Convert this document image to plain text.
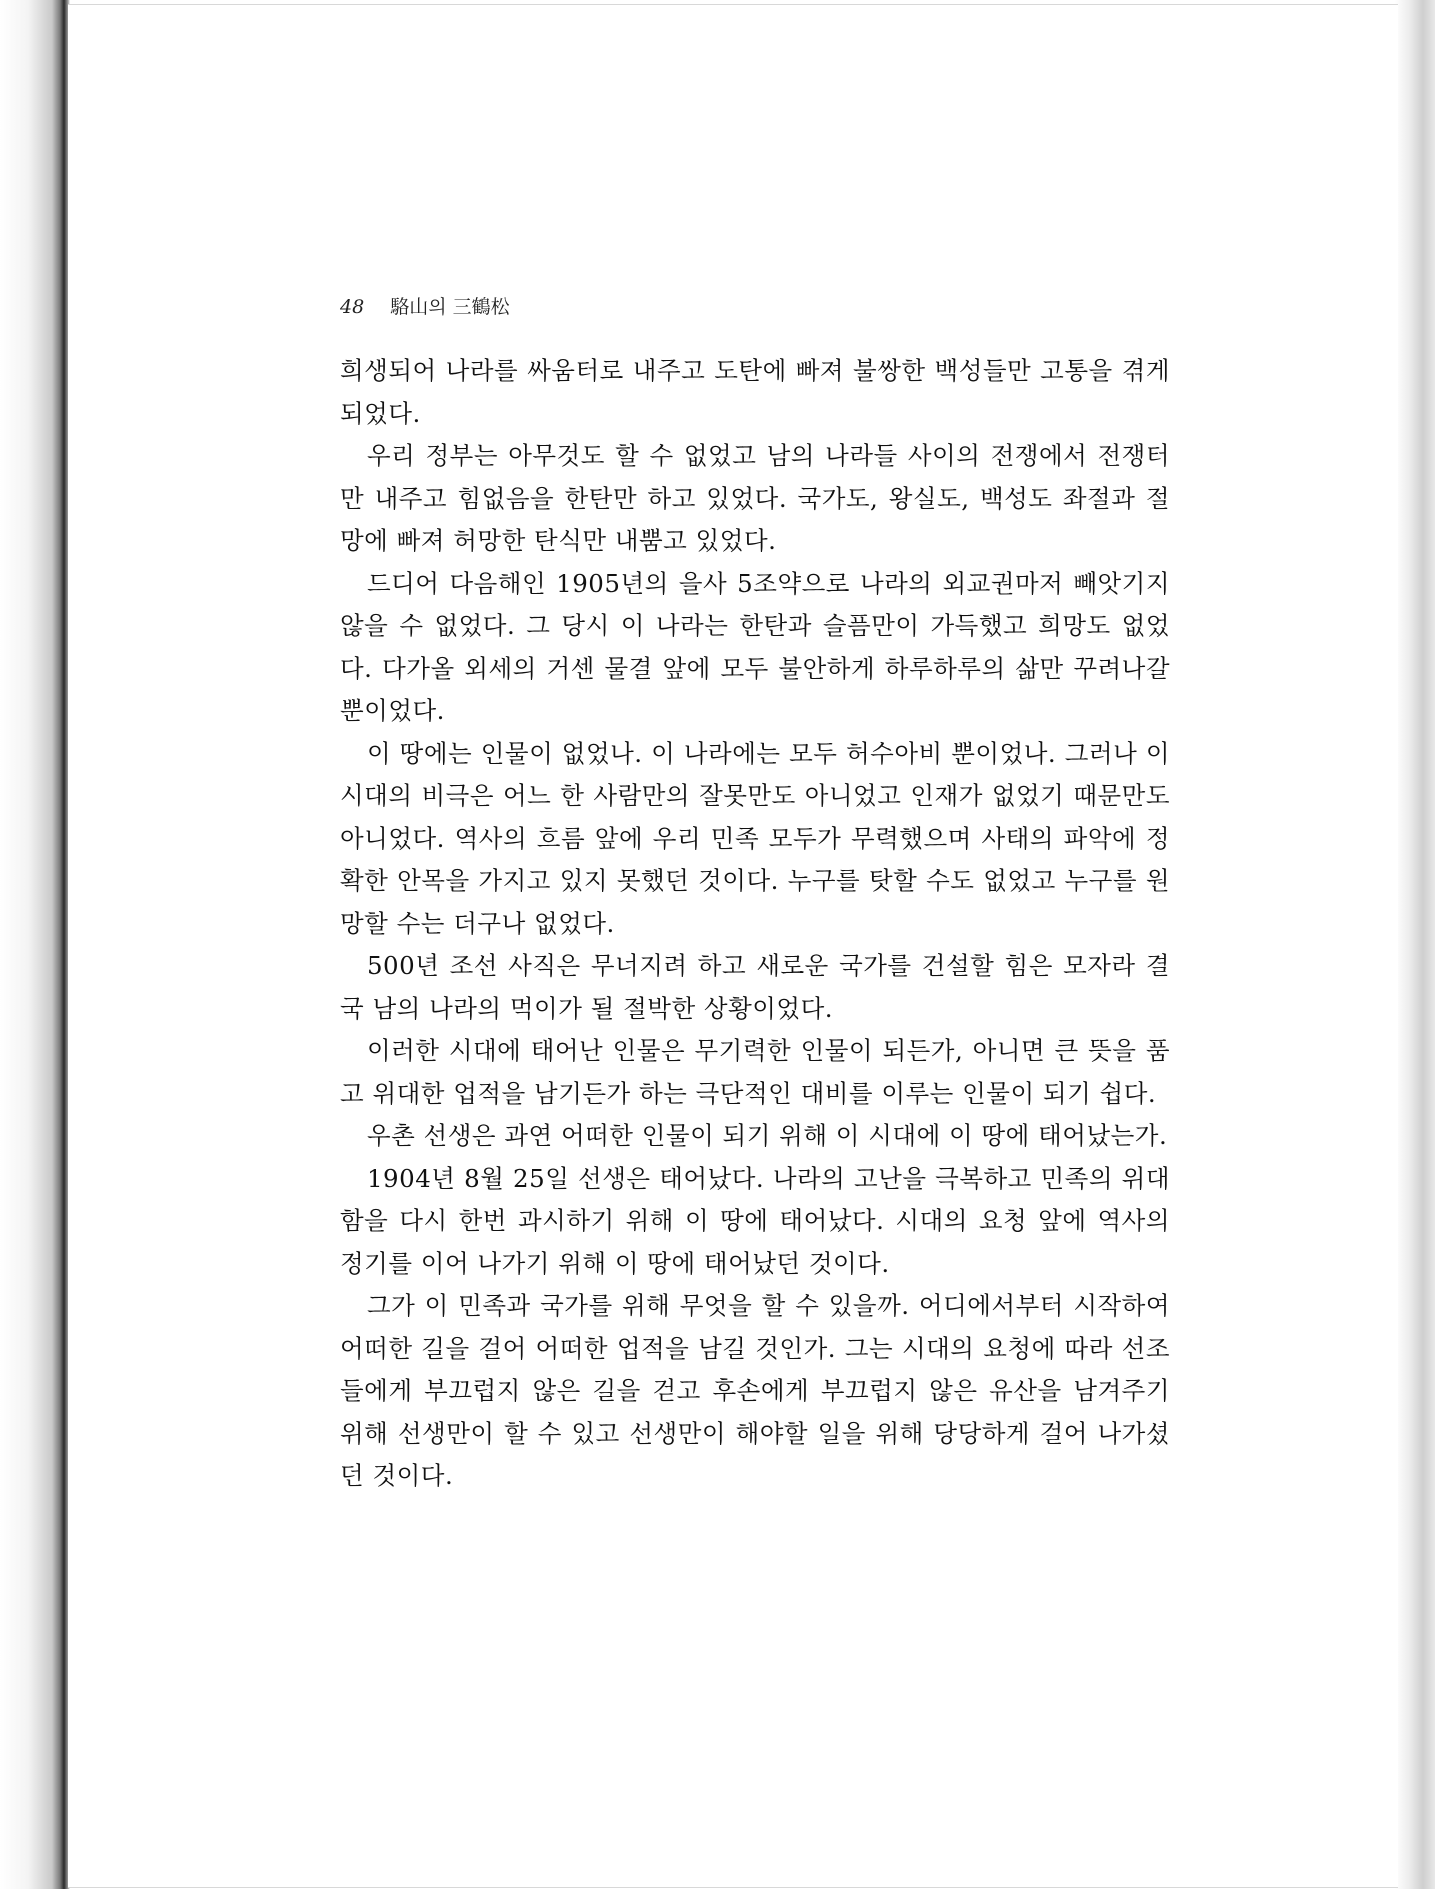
48 駱山의 三鶴松

희생되어 나라를 싸움터로 내주고 도탄에 빠져 불쌍한 백성들만 고통을 겪게 되었다.

우리 정부는 아무것도 할 수 없었고 남의 나라들 사이의 전쟁에서 전쟁터만 내주고 힘없음을 한탄만 하고 있었다. 국가도, 왕실도, 백성도 좌절과 절망에 빠져 허망한 탄식만 내뿜고 있었다.

드디어 다음해인 1905년의 을사 5조약으로 나라의 외교권마저 빼앗기지 않을 수 없었다. 그 당시 이 나라는 한탄과 슬픔만이 가득했고 희망도 없었다. 다가올 외세의 거센 물결 앞에 모두 불안하게 하루하루의 삶만 꾸려나갈 뿐이었다.

이 땅에는 인물이 없었나. 이 나라에는 모두 허수아비 뿐이었나. 그러나 이 시대의 비극은 어느 한 사람만의 잘못만도 아니었고 인재가 없었기 때문만도 아니었다. 역사의 흐름 앞에 우리 민족 모두가 무력했으며 사태의 파악에 정확한 안목을 가지고 있지 못했던 것이다. 누구를 탓할 수도 없었고 누구를 원망할 수는 더구나 없었다.

500년 조선 사직은 무너지려 하고 새로운 국가를 건설할 힘은 모자라 결국 남의 나라의 먹이가 될 절박한 상황이었다.

이러한 시대에 태어난 인물은 무기력한 인물이 되든가, 아니면 큰 뜻을 품고 위대한 업적을 남기든가 하는 극단적인 대비를 이루는 인물이 되기 쉽다.

우촌 선생은 과연 어떠한 인물이 되기 위해 이 시대에 이 땅에 태어났는가.

1904년 8월 25일 선생은 태어났다. 나라의 고난을 극복하고 민족의 위대함을 다시 한번 과시하기 위해 이 땅에 태어났다. 시대의 요청 앞에 역사의 정기를 이어 나가기 위해 이 땅에 태어났던 것이다.

그가 이 민족과 국가를 위해 무엇을 할 수 있을까. 어디에서부터 시작하여 어떠한 길을 걸어 어떠한 업적을 남길 것인가. 그는 시대의 요청에 따라 선조들에게 부끄럽지 않은 길을 걷고 후손에게 부끄럽지 않은 유산을 남겨주기 위해 선생만이 할 수 있고 선생만이 해야할 일을 위해 당당하게 걸어 나가셨던 것이다.
